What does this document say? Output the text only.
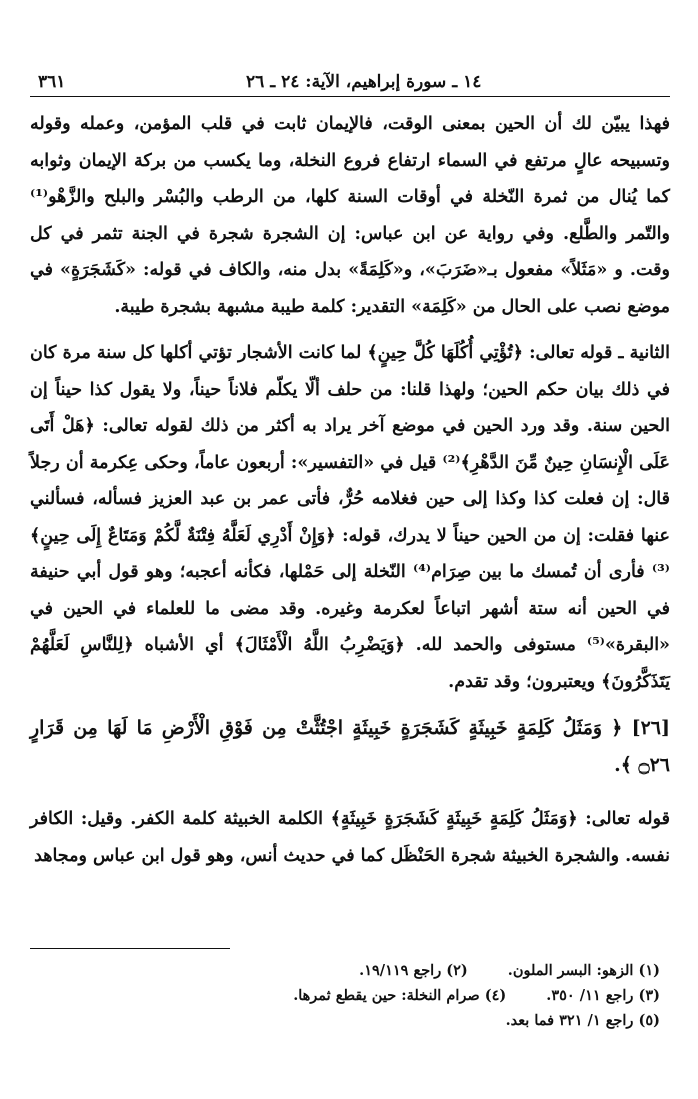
١٤ ـ سورة إبراهيم، الآية: ٢٤ ـ ٢٦
٣٦١

فهذا يبيّن لك أن الحين بمعنى الوقت، فالإيمان ثابت في قلب المؤمن، وعمله وقوله وتسبيحه عالٍ مرتفع في السماء ارتفاع فروع النخلة، وما يكسب من بركة الإيمان وثوابه كما يُنال من ثمرة النّخلة في أوقات السنة كلها، من الرطب والبُسْر والبلح والزَّهْو⁽¹⁾ والتّمر والطَّلع. وفي رواية عن ابن عباس: إن الشجرة شجرة في الجنة تثمر في كل وقت. و «مَثَلاً» مفعول بـ«ضَرَبَ»، و«كَلِمَةً» بدل منه، والكاف في قوله: «كَشَجَرَةٍ» في موضع نصب على الحال من «كَلِمَة» التقدير: كلمة طيبة مشبهة بشجرة طيبة.

الثانية ـ قوله تعالى: ﴿تُؤْتِي أُكُلَهَا كُلَّ حِينٍ﴾ لما كانت الأشجار تؤتي أكلها كل سنة مرة كان في ذلك بيان حكم الحين؛ ولهذا قلنا: من حلف ألّا يكلّم فلاناً حيناً، ولا يقول كذا حيناً إن الحين سنة. وقد ورد الحين في موضع آخر يراد به أكثر من ذلك لقوله تعالى: ﴿هَلْ أَتَى عَلَى الْإِنسَانِ حِينٌ مِّنَ الدَّهْرِ﴾⁽²⁾ قيل في «التفسير»: أربعون عاماً، وحكى عِكرمة أن رجلاً قال: إن فعلت كذا وكذا إلى حين فغلامه حُرٌّ، فأتى عمر بن عبد العزيز فسأله، فسألني عنها فقلت: إن من الحين حيناً لا يدرك، قوله: ﴿وَإِنْ أَدْرِي لَعَلَّهُ فِتْنَةٌ لَّكُمْ وَمَتَاعٌ إِلَى حِينٍ﴾⁽³⁾ فأرى أن تُمسك ما بين صِرَام⁽⁴⁾ النّخلة إلى حَمْلها، فكأنه أعجبه؛ وهو قول أبي حنيفة في الحين أنه ستة أشهر اتباعاً لعكرمة وغيره. وقد مضى ما للعلماء في الحين في «البقرة»⁽⁵⁾ مستوفى والحمد لله. ﴿وَيَضْرِبُ اللَّهُ الْأَمْثَالَ﴾ أي الأشباه ﴿لِلنَّاسِ لَعَلَّهُمْ يَتَذَكَّرُونَ﴾ ويعتبرون؛ وقد تقدم.

[٢٦] ﴿ وَمَثَلُ كَلِمَةٍ خَبِيثَةٍ كَشَجَرَةٍ خَبِيثَةٍ اجْتُثَّتْ مِن فَوْقِ الْأَرْضِ مَا لَهَا مِن قَرَارٍ ۝٢٦ ﴾.

قوله تعالى: ﴿وَمَثَلُ كَلِمَةٍ خَبِيثَةٍ كَشَجَرَةٍ خَبِيثَةٍ﴾ الكلمة الخبيثة كلمة الكفر. وقيل: الكافر نفسه. والشجرة الخبيثة شجرة الحَنْظَل كما في حديث أنس، وهو قول ابن عباس ومجاهد

(١) الزهو: البسر الملون.
(٢) راجع ١٩/١١٩.
(٣) راجع ١١/ ٣٥٠.
(٤) صرام النخلة: حين يقطع ثمرها.
(٥) راجع ١/ ٣٢١ فما بعد.
